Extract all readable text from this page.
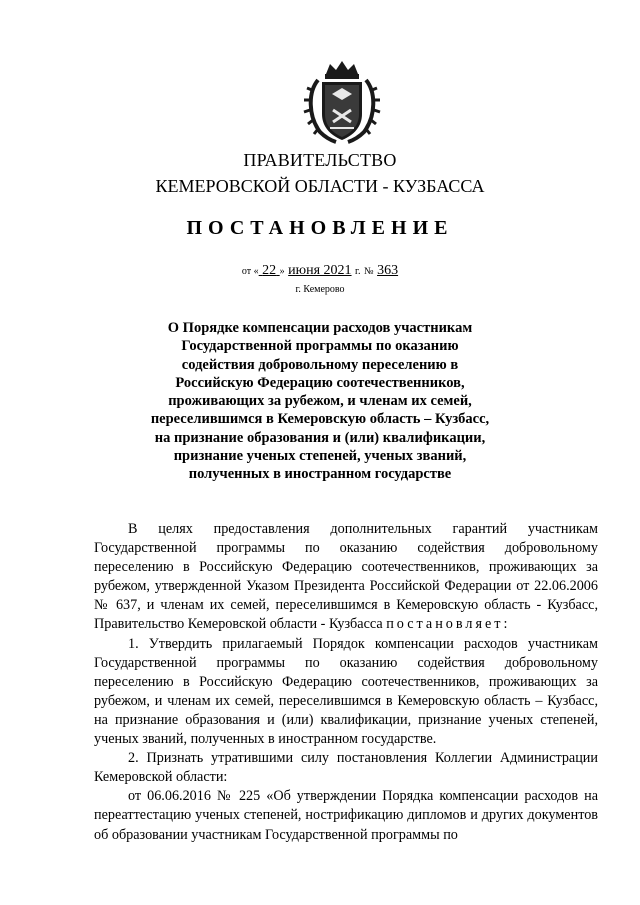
ПРАВИТЕЛЬСТВО
КЕМЕРОВСКОЙ ОБЛАСТИ - КУЗБАССА
ПОСТАНОВЛЕНИЕ
от « 22 » июня 2021 г. № 363
г. Кемерово
О Порядке компенсации расходов участникам Государственной программы по оказанию содействия добровольному переселению в Российскую Федерацию соотечественников, проживающих за рубежом, и членам их семей, переселившимся в Кемеровскую область – Кузбасс, на признание образования и (или) квалификации, признание ученых степеней, ученых званий, полученных в иностранном государстве

В целях предоставления дополнительных гарантий участникам Государственной программы по оказанию содействия добровольному переселению в Российскую Федерацию соотечественников, проживающих за рубежом, утвержденной Указом Президента Российской Федерации от 22.06.2006 № 637, и членам их семей, переселившимся в Кемеровскую область - Кузбасс, Правительство Кемеровской области - Кузбасса постановляет:

1. Утвердить прилагаемый Порядок компенсации расходов участникам Государственной программы по оказанию содействия добровольному переселению в Российскую Федерацию соотечественников, проживающих за рубежом, и членам их семей, переселившимся в Кемеровскую область – Кузбасс, на признание образования и (или) квалификации, признание ученых степеней, ученых званий, полученных в иностранном государстве.

2. Признать утратившими силу постановления Коллегии Администрации Кемеровской области:

от 06.06.2016 № 225 «Об утверждении Порядка компенсации расходов на переаттестацию ученых степеней, нострификацию дипломов и других документов об образовании участникам Государственной программы по
